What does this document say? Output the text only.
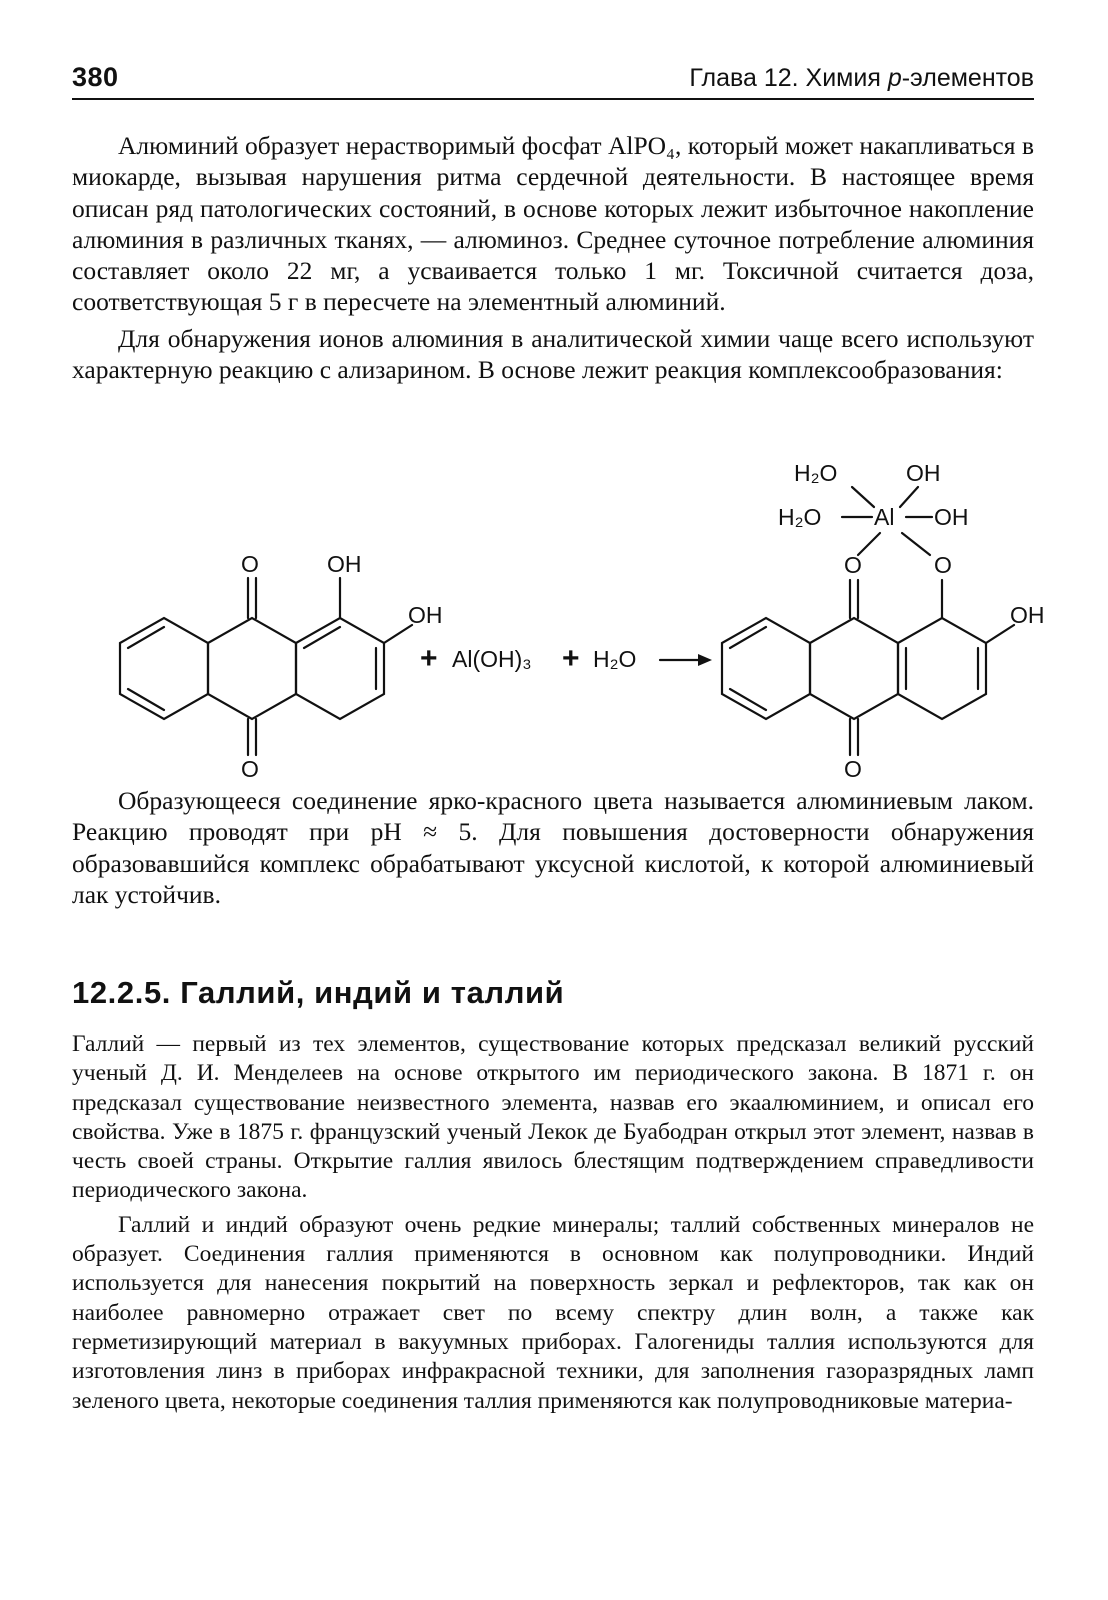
380	Глава 12. Химия p-элементов

Алюминий образует нерастворимый фосфат AlPO₄, который может накапливаться в миокарде, вызывая нарушения ритма сердечной деятельности. В настоящее время описан ряд патологических состояний, в основе которых лежит избыточное накопление алюминия в различных тканях, — алюминоз. Среднее суточное потребление алюминия составляет около 22 мг, а усваивается только 1 мг. Токсичной считается доза, соответствующая 5 г в пересчете на элементный алюминий.

Для обнаружения ионов алюминия в аналитической химии чаще всего используют характерную реакцию с ализарином. В основе лежит реакция комплексообразования:

O	OH
OH
O
+ Al(OH)₃ + H₂O
H₂O	OH
H₂O Al OH
O	O
OH
O

Образующееся соединение ярко-красного цвета называется алюминиевым лаком. Реакцию проводят при pH ≈ 5. Для повышения достоверности обнаружения образовавшийся комплекс обрабатывают уксусной кислотой, к которой алюминиевый лак устойчив.

12.2.5. Галлий, индий и таллий

Галлий — первый из тех элементов, существование которых предсказал великий русский ученый Д. И. Менделеев на основе открытого им периодического закона. В 1871 г. он предсказал существование неизвестного элемента, назвав его экаалюминием, и описал его свойства. Уже в 1875 г. французский ученый Лекок де Буабодран открыл этот элемент, назвав в честь своей страны. Открытие галлия явилось блестящим подтверждением справедливости периодического закона.

Галлий и индий образуют очень редкие минералы; таллий собственных минералов не образует. Соединения галлия применяются в основном как полупроводники. Индий используется для нанесения покрытий на поверхность зеркал и рефлекторов, так как он наиболее равномерно отражает свет по всему спектру длин волн, а также как герметизирующий материал в вакуумных приборах. Галогениды таллия используются для изготовления линз в приборах инфракрасной техники, для заполнения газоразрядных ламп зеленого цвета, некоторые соединения таллия применяются как полупроводниковые материа-
